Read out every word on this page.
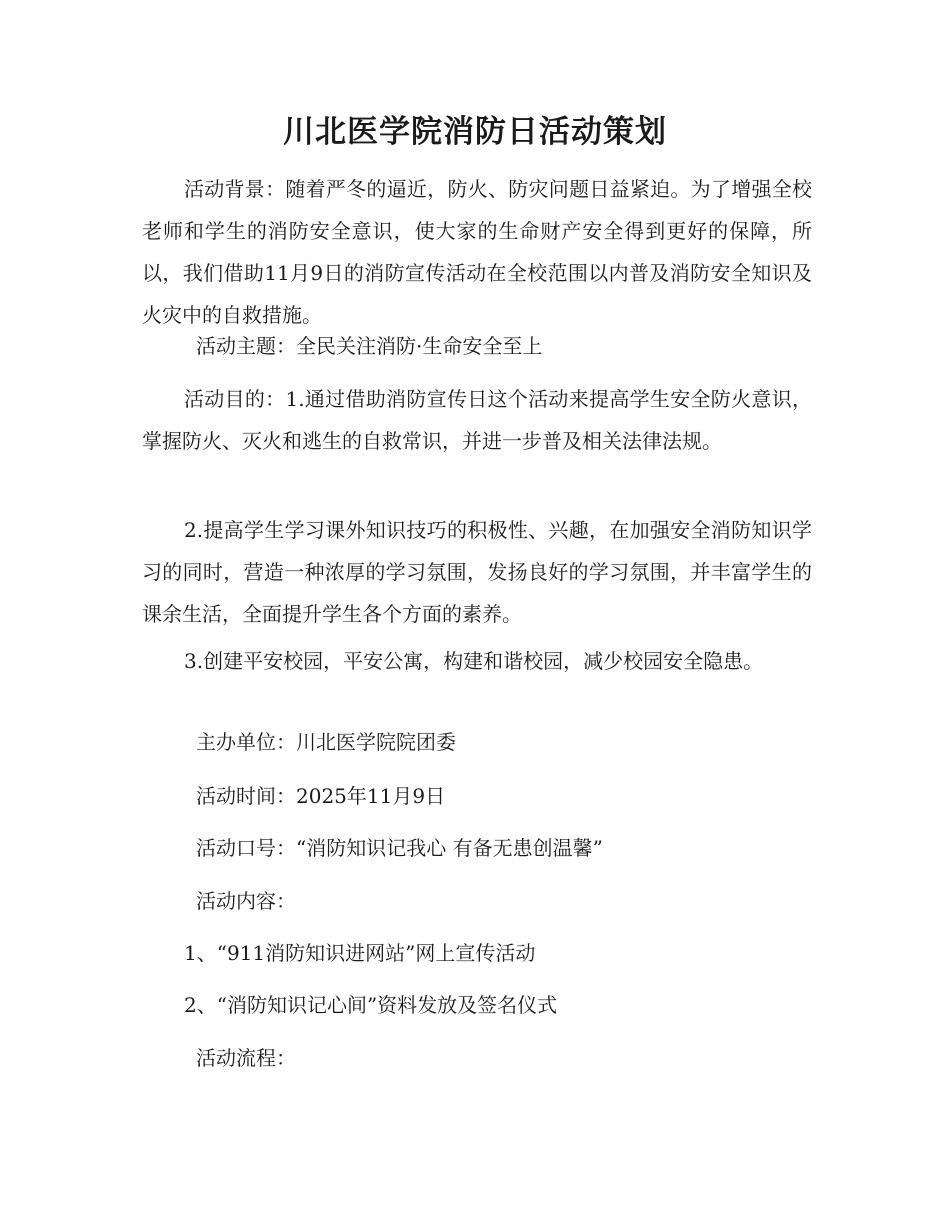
川北医学院消防日活动策划

活动背景：随着严冬的逼近，防火、防灾问题日益紧迫。为了增强全校老师和学生的消防安全意识，使大家的生命财产安全得到更好的保障，所以，我们借助11月9日的消防宣传活动在全校范围以内普及消防安全知识及火灾中的自救措施。

活动主题：全民关注消防·生命安全至上

活动目的：1.通过借助消防宣传日这个活动来提高学生安全防火意识，掌握防火、灭火和逃生的自救常识，并进一步普及相关法律法规。

2.提高学生学习课外知识技巧的积极性、兴趣，在加强安全消防知识学习的同时，营造一种浓厚的学习氛围，发扬良好的学习氛围，并丰富学生的课余生活，全面提升学生各个方面的素养。

3.创建平安校园，平安公寓，构建和谐校园，减少校园安全隐患。

主办单位：川北医学院院团委
活动时间：2025年11月9日
活动口号：“消防知识记我心 有备无患创温馨”
活动内容：
1、“911消防知识进网站”网上宣传活动
2、“消防知识记心间”资料发放及签名仪式
活动流程：
